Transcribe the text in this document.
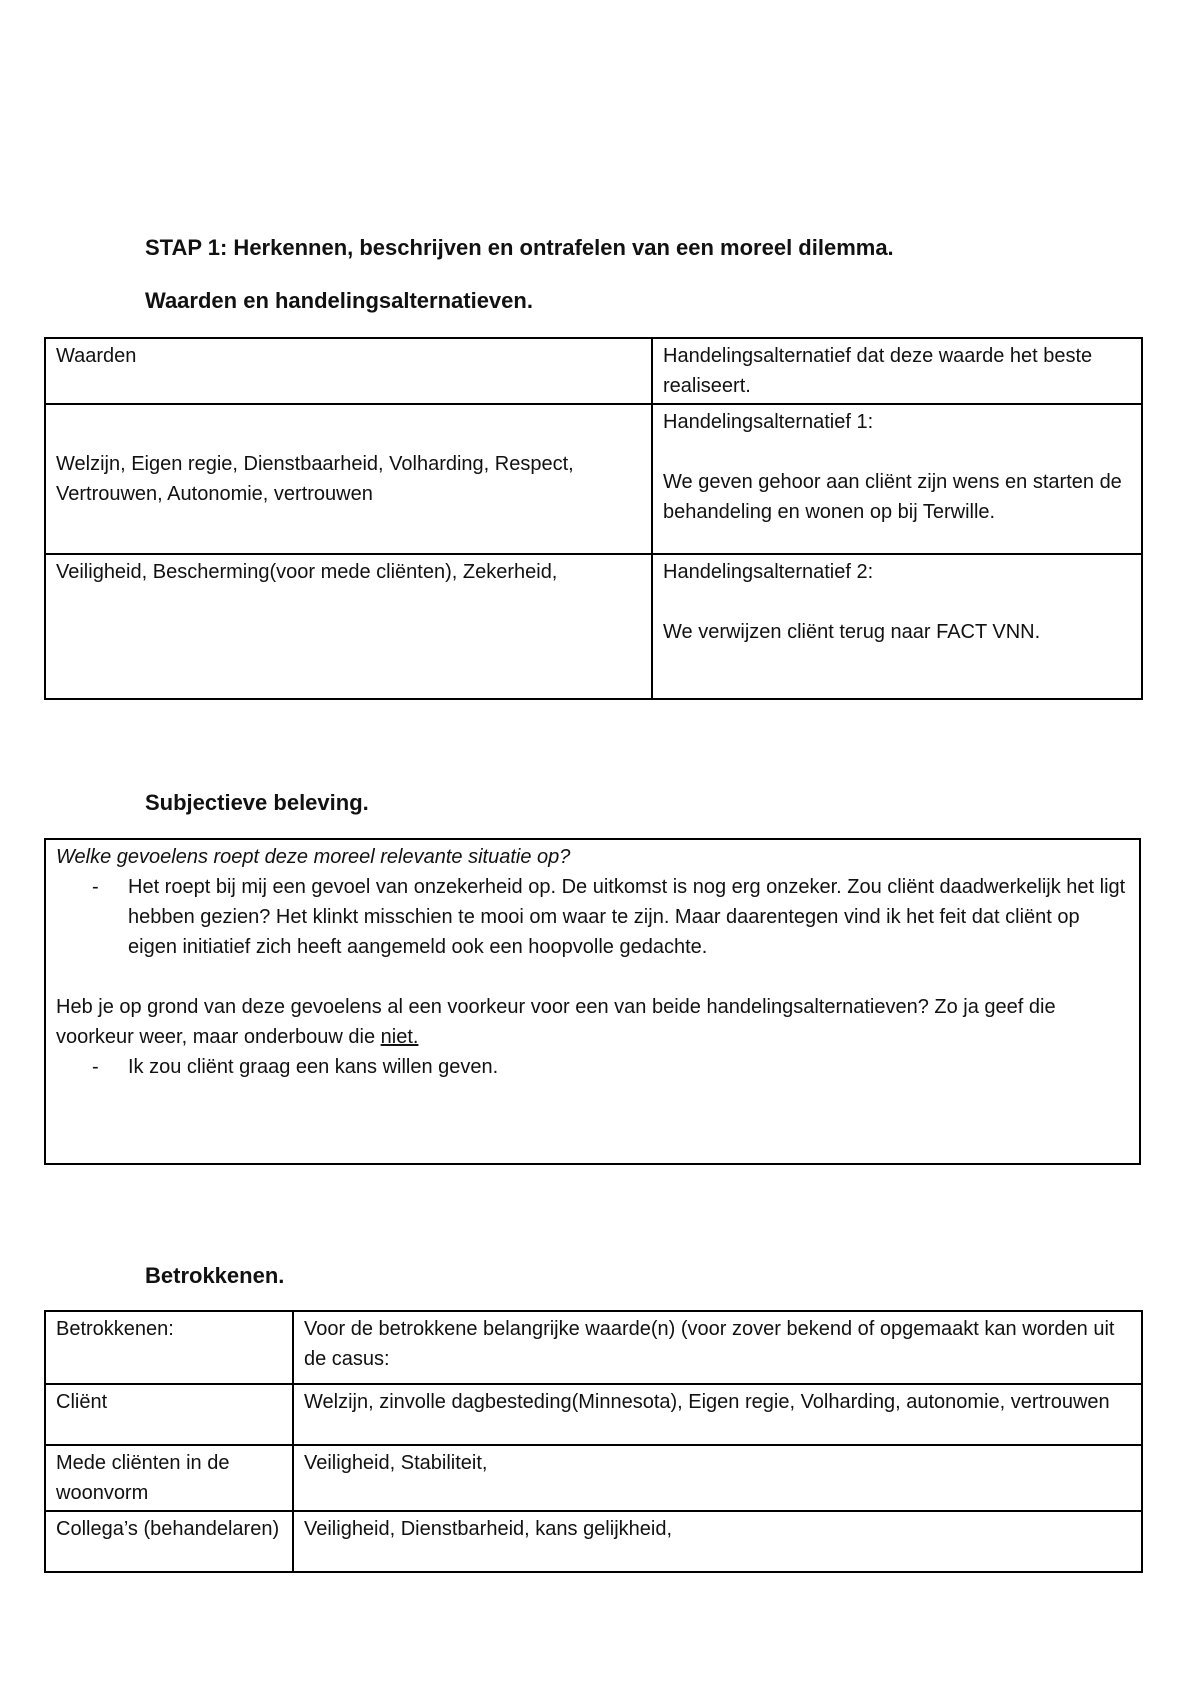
STAP 1: Herkennen, beschrijven en ontrafelen van een moreel dilemma.

Waarden en handelingsalternatieven.

Waarden	Handelingsalternatief dat deze waarde het beste realiseert.
Welzijn, Eigen regie, Dienstbaarheid, Volharding, Respect, Vertrouwen, Autonomie, vertrouwen	Handelingsalternatief 1:
We geven gehoor aan cliënt zijn wens en starten de behandeling en wonen op bij Terwille.

Veiligheid, Bescherming(voor mede cliënten), Zekerheid,	Handelingsalternatief 2:
We verwijzen cliënt terug naar FACT VNN.

Subjectieve beleving.

Welke gevoelens roept deze moreel relevante situatie op?
- Het roept bij mij een gevoel van onzekerheid op. De uitkomst is nog erg onzeker. Zou cliënt daadwerkelijk het ligt hebben gezien? Het klinkt misschien te mooi om waar te zijn. Maar daarentegen vind ik het feit dat cliënt op eigen initiatief zich heeft aangemeld ook een hoopvolle gedachte.
Heb je op grond van deze gevoelens al een voorkeur voor een van beide handelingsalternatieven? Zo ja geef die voorkeur weer, maar onderbouw die niet.
- Ik zou cliënt graag een kans willen geven.

Betrokkenen.

Betrokkenen:	Voor de betrokkene belangrijke waarde(n) (voor zover bekend of opgemaakt kan worden uit de casus:
Cliënt	Welzijn, zinvolle dagbesteding(Minnesota), Eigen regie, Volharding, autonomie, vertrouwen
Mede cliënten in de woonvorm	Veiligheid, Stabiliteit,
Collega’s (behandelaren)	Veiligheid, Dienstbarheid, kans gelijkheid,
